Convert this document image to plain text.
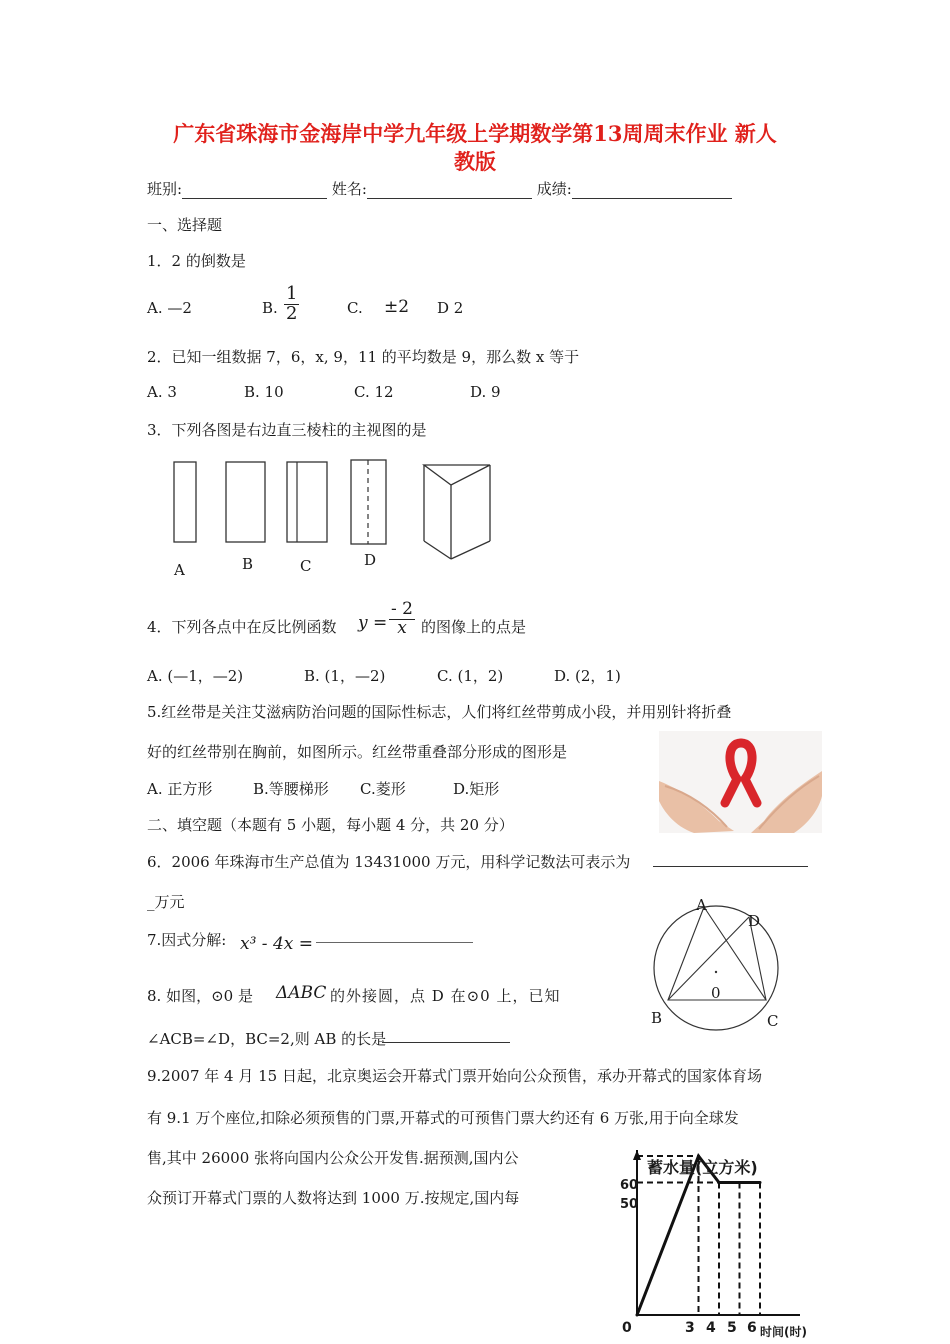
广东省珠海市金海岸中学九年级上学期数学第13周周末作业 新人
教版
班别:	姓名:	成绩:
一、选择题
1．2 的倒数是
A. —2	B. $\frac{1}{2}$	C. ±2 D 2
2．已知一组数据 7，6，x, 9，11 的平均数是 9，那么数 x 等于
A. 3	B. 10	C. 12	D. 9
3．下列各图是右边直三棱柱的主视图的是
A	B	C	D
4．下列各点中在反比例函数 $y = \frac{- 2}{x}$ 的图像上的点是
A. (—1，—2)	B. (1，—2)	C. (1，2)	D. (2，1)
5.红丝带是关注艾滋病防治问题的国际性标志，人们将红丝带剪成小段，并用别针将折叠
好的红丝带别在胸前，如图所示。红丝带重叠部分形成的图形是
A. 正方形	B.等腰梯形 C.菱形	D.矩形
二、填空题（本题有 5 小题，每小题 4 分，共 20 分）
6．2006 年珠海市生产总值为 13431000 万元，用科学记数法可表示为
_万元
7.因式分解: x³ - 4x =
8. 如图，⊙0 是 ΔABC 的外接圆，点 D 在⊙0 上，已知
∠ACB=∠D，BC=2,则 AB 的长是
A
D
0
B	C
9.2007 年 4 月 15 日起，北京奥运会开幕式门票开始向公众预售，承办开幕式的国家体育场
有 9.1 万个座位,扣除必须预售的门票,开幕式的可预售门票大约还有 6 万张,用于向全球发
售,其中 26000 张将向国内公众公开发售.据预测,国内公
众预订开幕式门票的人数将达到 1000 万.按规定,国内每
蓄水量(立方米)
60
50
0	3 4 5 6 时间(时)
